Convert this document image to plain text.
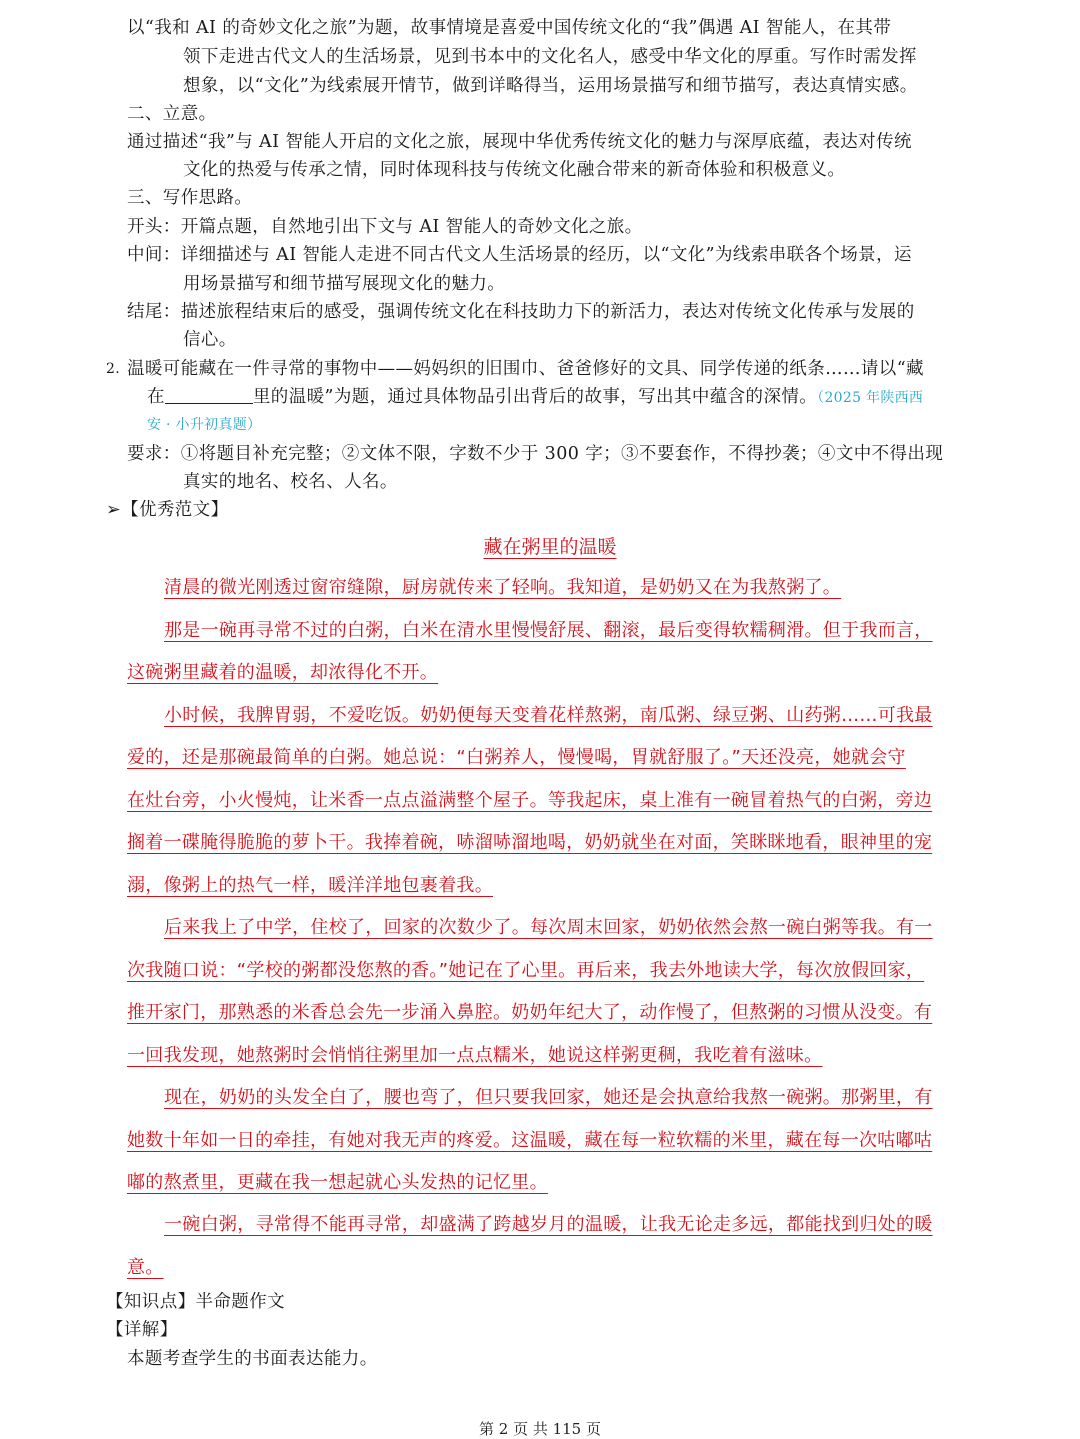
以“我和 AI 的奇妙文化之旅”为题，故事情境是喜爱中国传统文化的“我”偶遇 AI 智能人，在其带
领下走进古代文人的生活场景，见到书本中的文化名人，感受中华文化的厚重。写作时需发挥
想象，以“文化”为线索展开情节，做到详略得当，运用场景描写和细节描写，表达真情实感。
二、立意。
通过描述“我”与 AI 智能人开启的文化之旅，展现中华优秀传统文化的魅力与深厚底蕴，表达对传统
文化的热爱与传承之情，同时体现科技与传统文化融合带来的新奇体验和积极意义。
三、写作思路。
开头：开篇点题，自然地引出下文与 AI 智能人的奇妙文化之旅。
中间：详细描述与 AI 智能人走进不同古代文人生活场景的经历，以“文化”为线索串联各个场景，运
用场景描写和细节描写展现文化的魅力。
结尾：描述旅程结束后的感受，强调传统文化在科技助力下的新活力，表达对传统文化传承与发展的
信心。
2. 温暖可能藏在一件寻常的事物中——妈妈织的旧围巾、爸爸修好的文具、同学传递的纸条……请以“藏
在	里的温暖”为题，通过具体物品引出背后的故事，写出其中蕴含的深情。（2025 年陕西西
安 · 小升初真题）
要求：①将题目补充完整；②文体不限，字数不少于 300 字；③不要套作，不得抄袭；④文中不得出现
真实的地名、校名、人名。
➢【优秀范文】
藏在粥里的温暖
清晨的微光刚透过窗帘缝隙，厨房就传来了轻响。我知道，是奶奶又在为我熬粥了。
那是一碗再寻常不过的白粥，白米在清水里慢慢舒展、翻滚，最后变得软糯稠滑。但于我而言，
这碗粥里藏着的温暖，却浓得化不开。
小时候，我脾胃弱，不爱吃饭。奶奶便每天变着花样熬粥，南瓜粥、绿豆粥、山药粥……可我最
爱的，还是那碗最简单的白粥。她总说：“白粥养人，慢慢喝，胃就舒服了。”天还没亮，她就会守
在灶台旁，小火慢炖，让米香一点点溢满整个屋子。等我起床，桌上准有一碗冒着热气的白粥，旁边
搁着一碟腌得脆脆的萝卜干。我捧着碗，哧溜哧溜地喝，奶奶就坐在对面，笑眯眯地看，眼神里的宠
溺，像粥上的热气一样，暖洋洋地包裹着我。
后来我上了中学，住校了，回家的次数少了。每次周末回家，奶奶依然会熬一碗白粥等我。有一
次我随口说：“学校的粥都没您熬的香。”她记在了心里。再后来，我去外地读大学，每次放假回家，
推开家门，那熟悉的米香总会先一步涌入鼻腔。奶奶年纪大了，动作慢了，但熬粥的习惯从没变。有
一回我发现，她熬粥时会悄悄往粥里加一点点糯米，她说这样粥更稠，我吃着有滋味。
现在，奶奶的头发全白了，腰也弯了，但只要我回家，她还是会执意给我熬一碗粥。那粥里，有
她数十年如一日的牵挂，有她对我无声的疼爱。这温暖，藏在每一粒软糯的米里，藏在每一次咕嘟咕
嘟的熬煮里，更藏在我一想起就心头发热的记忆里。
一碗白粥，寻常得不能再寻常，却盛满了跨越岁月的温暖，让我无论走多远，都能找到归处的暖
意。
【知识点】半命题作文
【详解】
本题考查学生的书面表达能力。
第 2 页 共 115 页
